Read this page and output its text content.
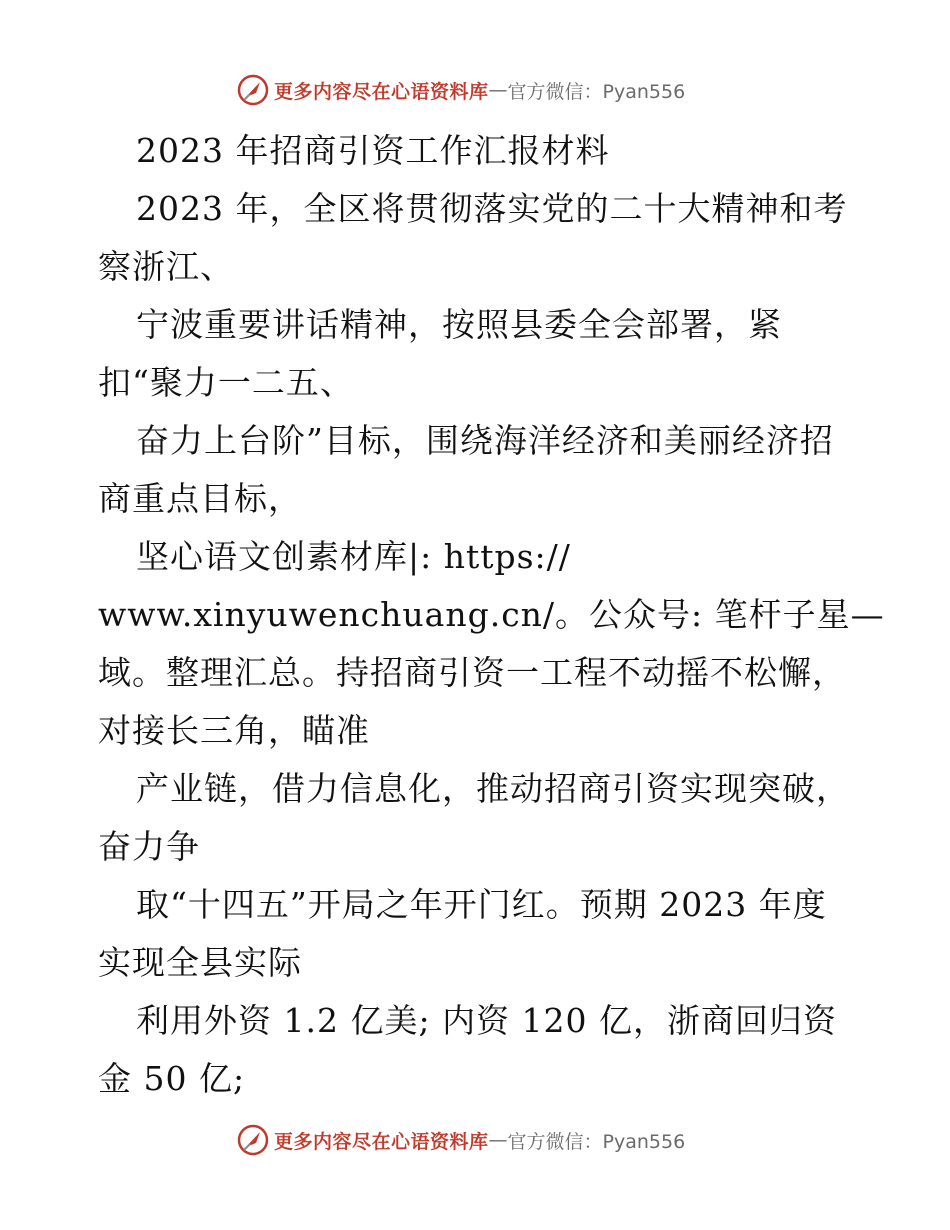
更多内容尽在心语资料库 — 官方微信：Pyan556
2023 年招商引资工作汇报材料
2023 年，全区将贯彻落实党的二十大精神和考
察浙江、
宁波重要讲话精神，按照县委全会部署，紧
扣“聚力一二五、
奋力上台阶”目标，围绕海洋经济和美丽经济招
商重点目标，
坚心语文创素材库|: https://
www.xinyuwenchuang.cn/。公众号: 笔杆子星—
域。整理汇总。持招商引资一工程不动摇不松懈，
对接长三角，瞄准
产业链，借力信息化，推动招商引资实现突破，
奋力争
取“十四五”开局之年开门红。预期 2023 年度
实现全县实际
利用外资 1.2 亿美; 内资 120 亿，浙商回归资
金 50 亿;
更多内容尽在心语资料库 — 官方微信：Pyan556
